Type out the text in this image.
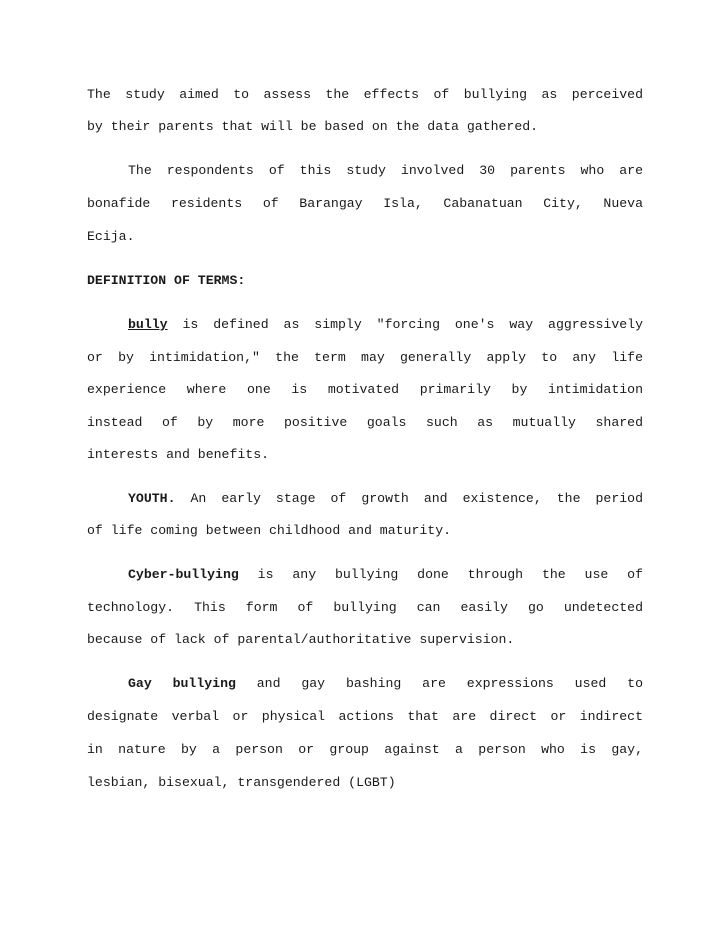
The study aimed to assess the effects of bullying as perceived
by their parents that will be based on the data gathered.
The respondents of this study involved 30 parents who are
bonafide residents of Barangay Isla, Cabanatuan City, Nueva
Ecija.
DEFINITION OF TERMS:
bully is defined as simply "forcing one's way aggressively
or by intimidation," the term may generally apply to any life
experience where one is motivated primarily by intimidation
instead of by more positive goals such as mutually shared
interests and benefits.
YOUTH. An early stage of growth and existence, the period
of life coming between childhood and maturity.
Cyber-bullying is any bullying done through the use of
technology. This form of bullying can easily go undetected
because of lack of parental/authoritative supervision.
Gay bullying and gay bashing are expressions used to
designate verbal or physical actions that are direct or indirect
in nature by a person or group against a person who is gay,
lesbian, bisexual, transgendered (LGBT)
